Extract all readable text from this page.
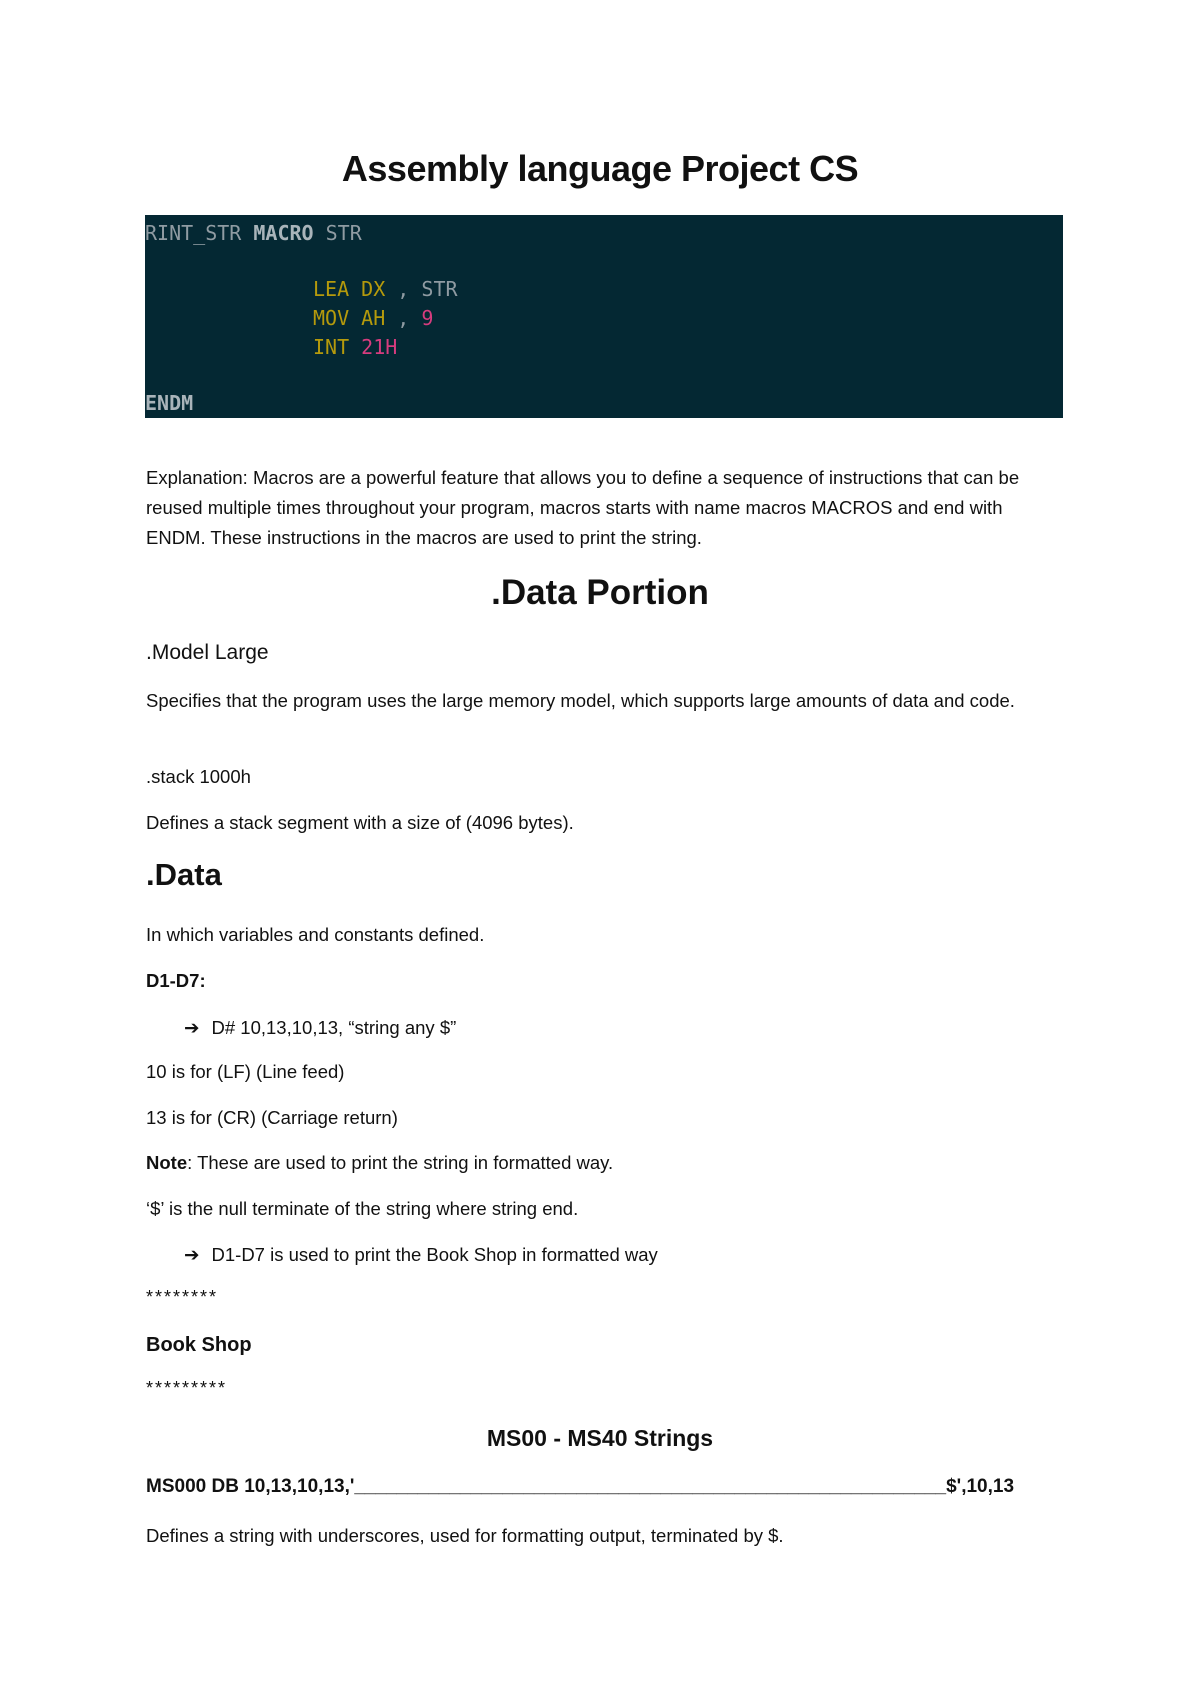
Assembly language Project CS
RINT_STR MACRO STR
LEA DX , STR
MOV AH , 9
INT 21H
ENDM
Explanation: Macros are a powerful feature that allows you to define a sequence of instructions that can be reused multiple times throughout your program, macros starts with name macros MACROS and end with ENDM. These instructions in the macros are used to print the string.
.Data Portion
.Model Large
Specifies that the program uses the large memory model, which supports large amounts of data and code.
.stack 1000h
Defines a stack segment with a size of (4096 bytes).
.Data
In which variables and constants defined.
D1-D7:
➔ D# 10,13,10,13, “string any $”
10 is for (LF) (Line feed)
13 is for (CR) (Carriage return)
Note: These are used to print the string in formatted way.
‘$’ is the null terminate of the string where string end.
➔ D1-D7 is used to print the Book Shop in formatted way
********
Book Shop
*********
MS00 - MS40 Strings
MS000 DB 10,13,10,13,'________________________________________________________$',10,13
Defines a string with underscores, used for formatting output, terminated by $.
